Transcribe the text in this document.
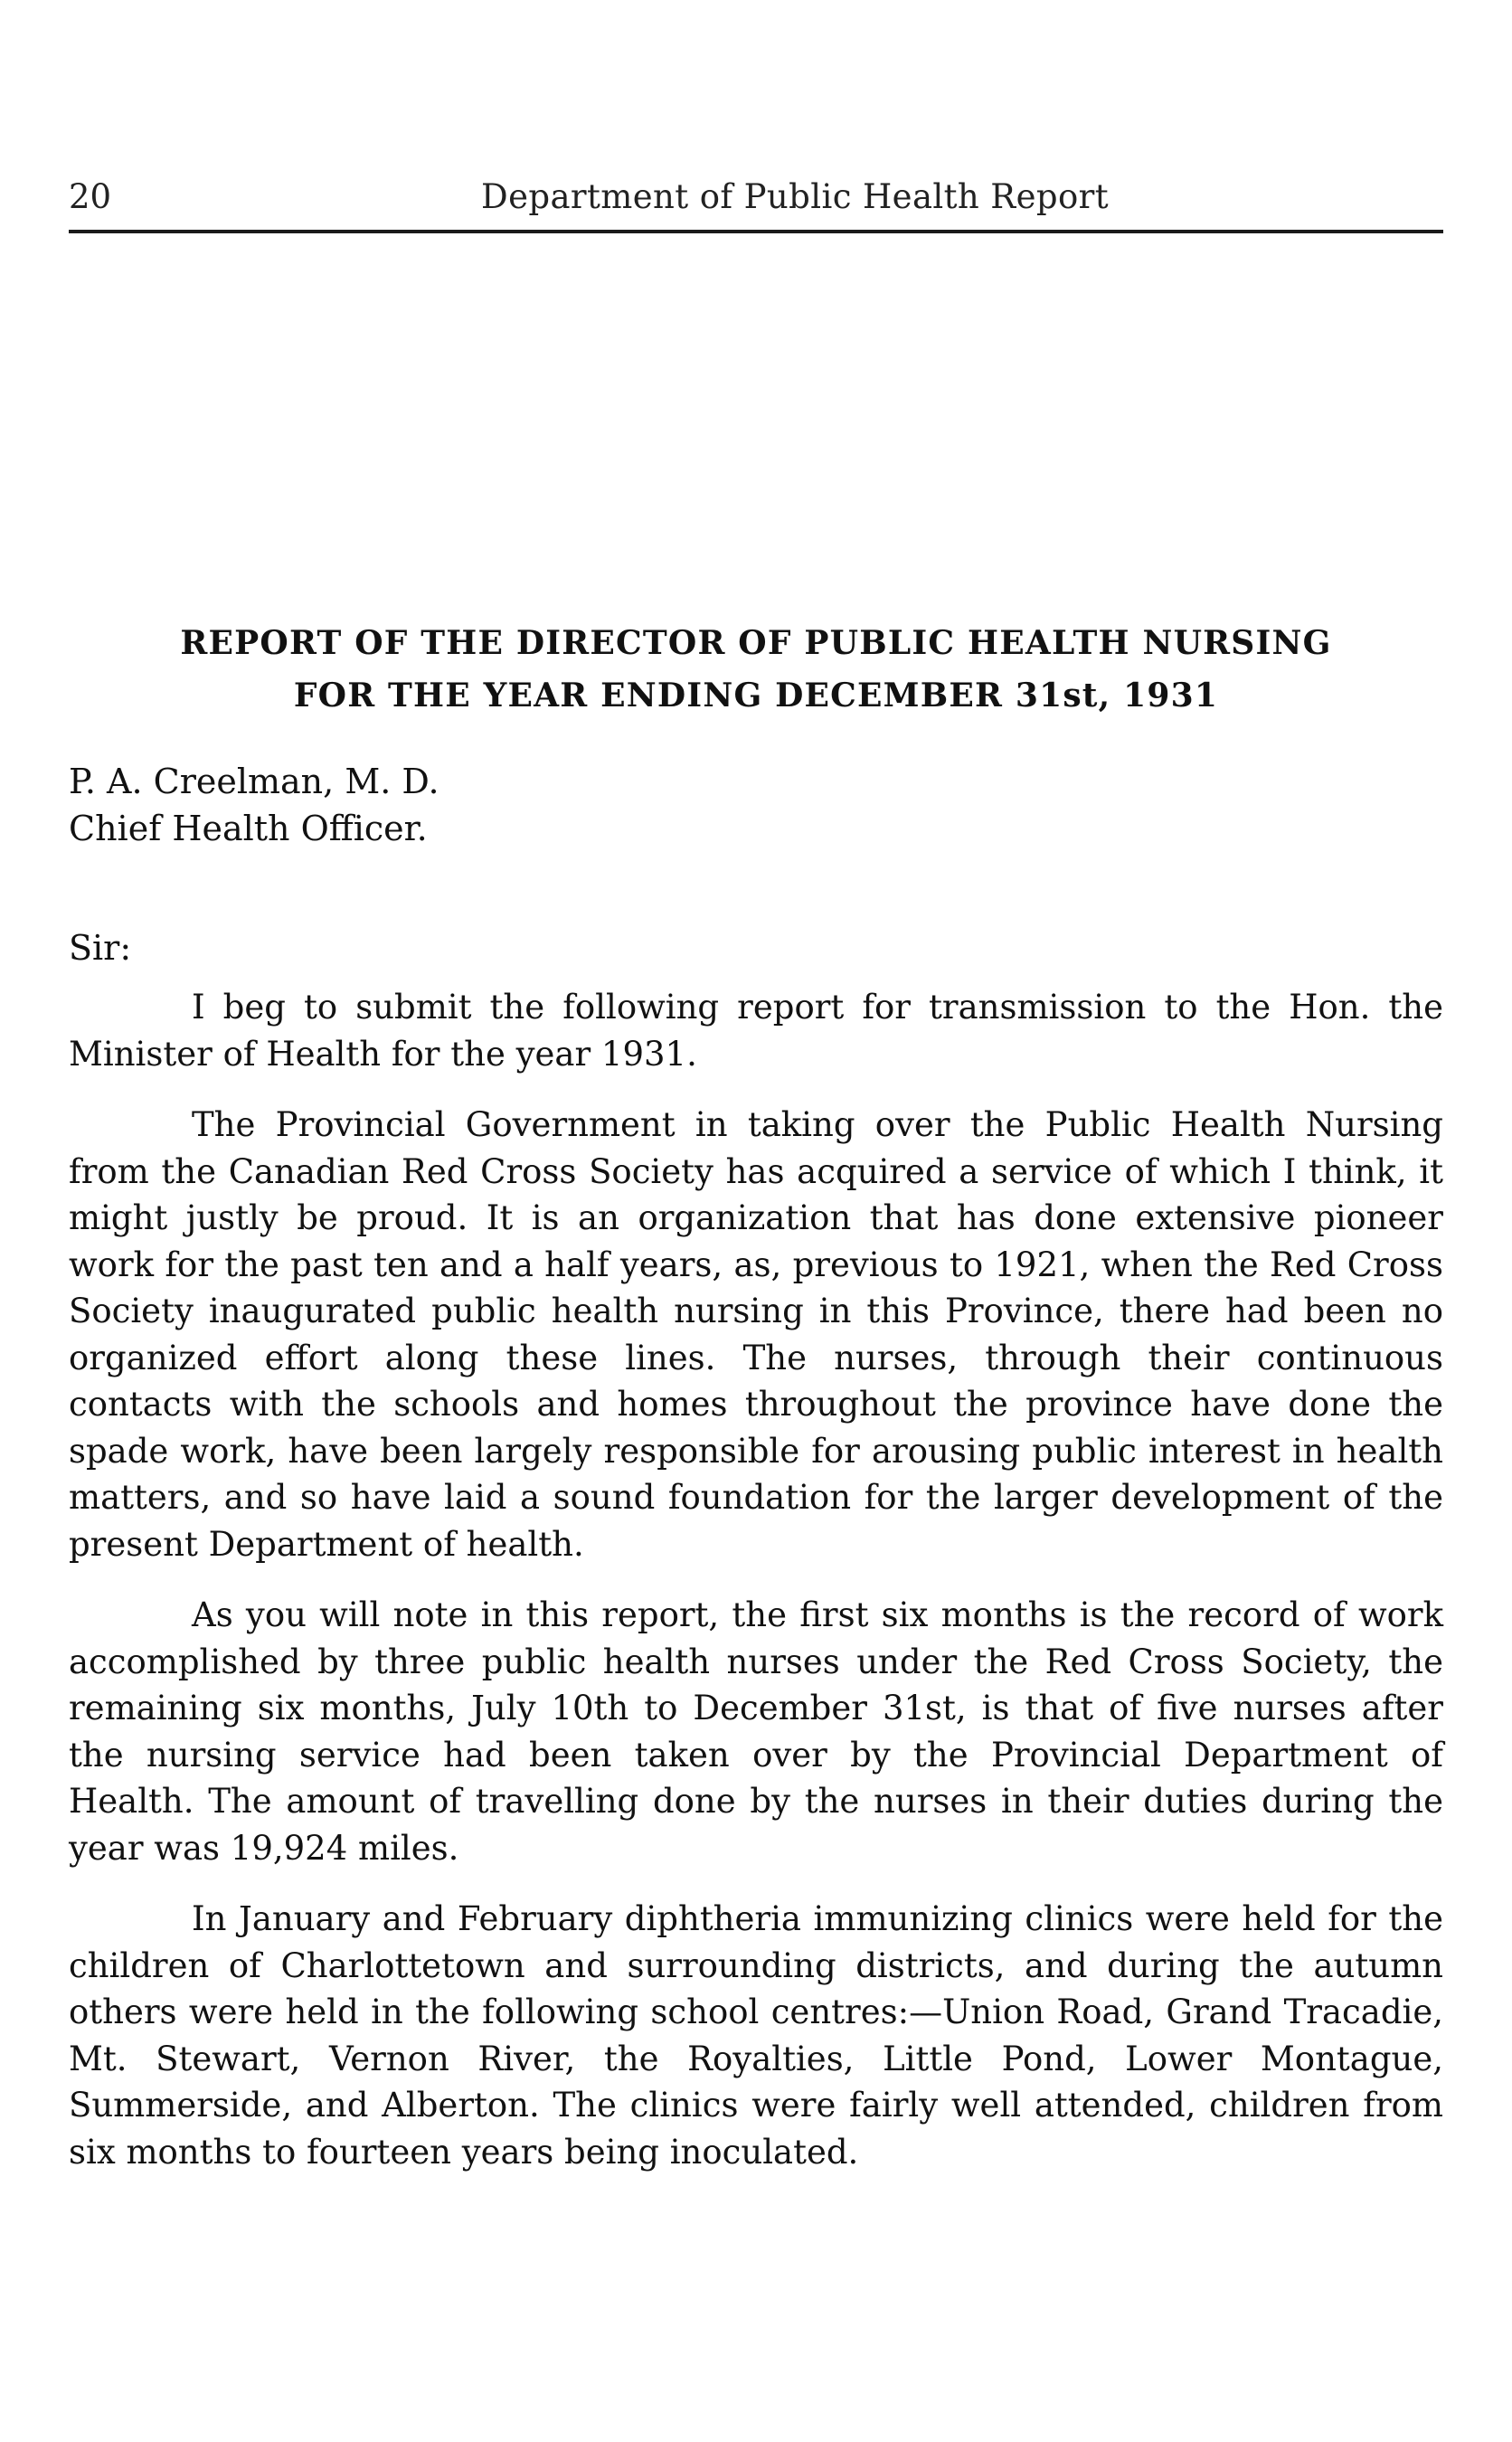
20	Department of Public Health Report
REPORT OF THE DIRECTOR OF PUBLIC HEALTH NURSING
FOR THE YEAR ENDING DECEMBER 31st, 1931
P. A. Creelman, M. D.
Chief Health Officer.
Sir:

I beg to submit the following report for transmission to the Hon. the Minister of Health for the year 1931.

The Provincial Government in taking over the Public Health Nursing from the Canadian Red Cross Society has acquired a service of which I think, it might justly be proud. It is an organization that has done extensive pioneer work for the past ten and a half years, as, previous to 1921, when the Red Cross Society inaugurated public health nursing in this Province, there had been no organized effort along these lines. The nurses, through their continuous contacts with the schools and homes throughout the province have done the spade work, have been largely responsible for arousing public interest in health matters, and so have laid a sound foundation for the larger development of the present Department of health.

As you will note in this report, the first six months is the record of work accomplished by three public health nurses under the Red Cross Society, the remaining six months, July 10th to December 31st, is that of five nurses after the nursing service had been taken over by the Provincial Department of Health. The amount of travelling done by the nurses in their duties during the year was 19,924 miles.

In January and February diphtheria immunizing clinics were held for the children of Charlottetown and surrounding districts, and during the autumn others were held in the following school centres:—Union Road, Grand Tracadie, Mt. Stewart, Vernon River, the Royalties, Little Pond, Lower Montague, Summerside, and Alberton. The clinics were fairly well attended, children from six months to fourteen years being inoculated.
